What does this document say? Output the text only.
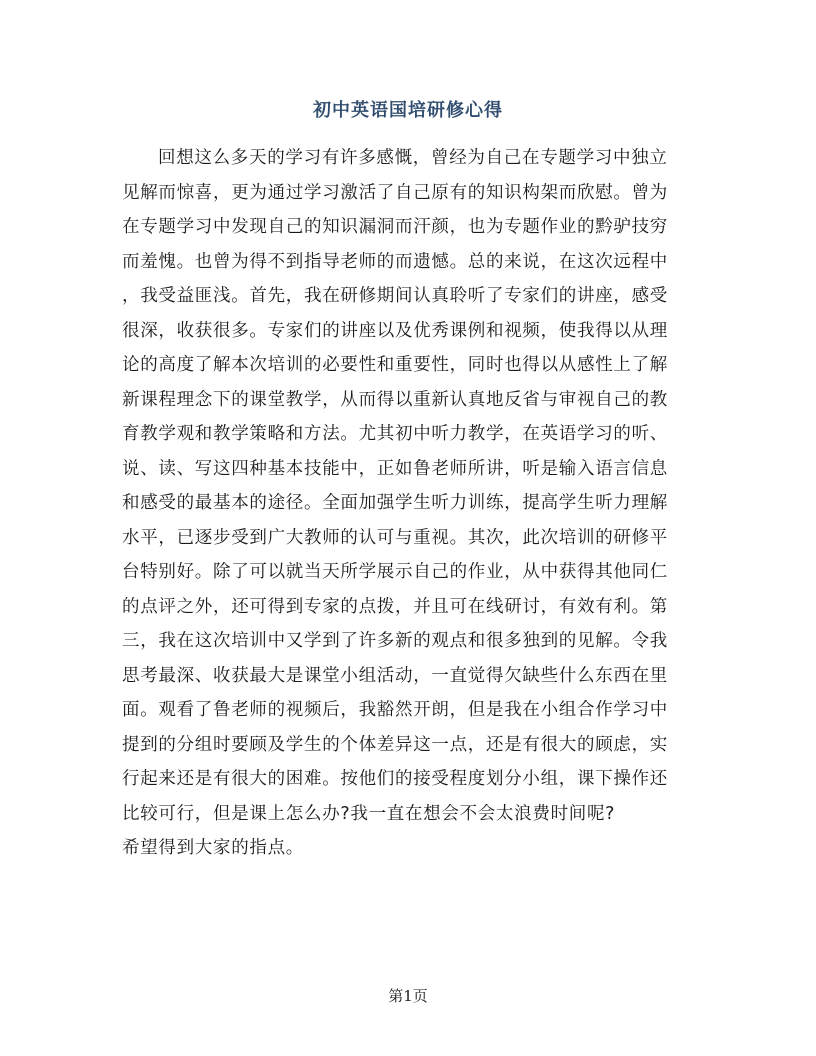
初中英语国培研修心得
回想这么多天的学习有许多感慨，曾经为自己在专题学习中独立
见解而惊喜，更为通过学习激活了自己原有的知识构架而欣慰。曾为
在专题学习中发现自己的知识漏洞而汗颜，也为专题作业的黔驴技穷
而羞愧。也曾为得不到指导老师的而遗憾。总的来说，在这次远程中
，我受益匪浅。首先，我在研修期间认真聆听了专家们的讲座，感受
很深，收获很多。专家们的讲座以及优秀课例和视频，使我得以从理
论的高度了解本次培训的必要性和重要性，同时也得以从感性上了解
新课程理念下的课堂教学，从而得以重新认真地反省与审视自己的教
育教学观和教学策略和方法。尤其初中听力教学，在英语学习的听、
说、读、写这四种基本技能中，正如鲁老师所讲，听是输入语言信息
和感受的最基本的途径。全面加强学生听力训练，提高学生听力理解
水平，已逐步受到广大教师的认可与重视。其次，此次培训的研修平
台特别好。除了可以就当天所学展示自己的作业，从中获得其他同仁
的点评之外，还可得到专家的点拨，并且可在线研讨，有效有利。第
三，我在这次培训中又学到了许多新的观点和很多独到的见解。令我
思考最深、收获最大是课堂小组活动，一直觉得欠缺些什么东西在里
面。观看了鲁老师的视频后，我豁然开朗，但是我在小组合作学习中
提到的分组时要顾及学生的个体差异这一点，还是有很大的顾虑，实
行起来还是有很大的困难。按他们的接受程度划分小组，课下操作还
比较可行，但是课上怎么办?我一直在想会不会太浪费时间呢?
希望得到大家的指点。
第1页
